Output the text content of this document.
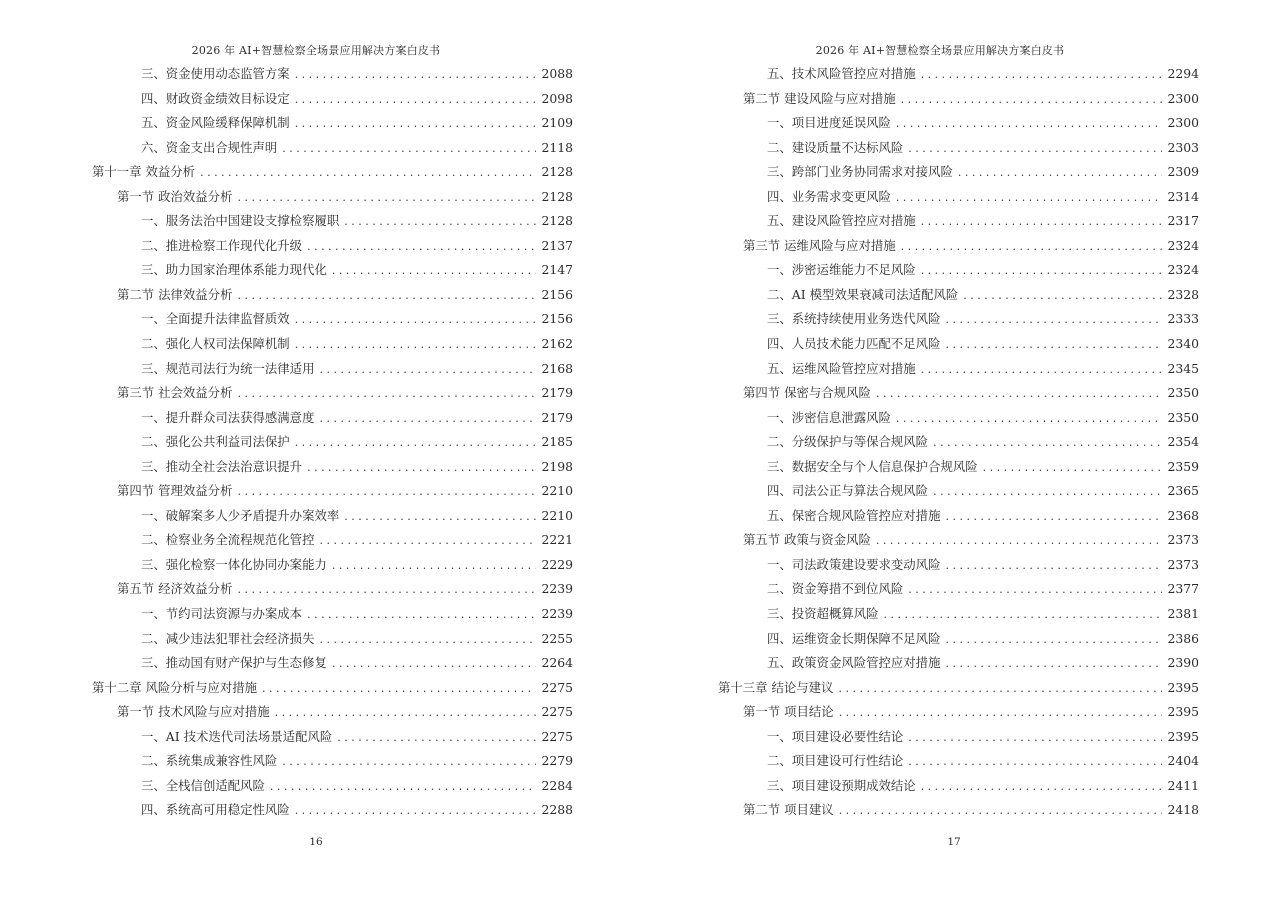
2026 年 AI+智慧检察全场景应用解决方案白皮书
三、资金使用动态监管方案 . . .	2088
四、财政资金绩效目标设定 . . .	2098
五、资金风险缓释保障机制 . . .	2109
六、资金支出合规性声明 . . .	2118
第十一章 效益分析 . . .	2128
第一节 政治效益分析 . . .	2128
一、服务法治中国建设支撑检察履职 . . .	2128
二、推进检察工作现代化升级 . . .	2137
三、助力国家治理体系能力现代化 . . .	2147
第二节 法律效益分析 . . .	2156
一、全面提升法律监督质效 . . .	2156
二、强化人权司法保障机制 . . .	2162
三、规范司法行为统一法律适用 . . .	2168
第三节 社会效益分析 . . .	2179
一、提升群众司法获得感满意度 . . .	2179
二、强化公共利益司法保护 . . .	2185
三、推动全社会法治意识提升 . . .	2198
第四节 管理效益分析 . . .	2210
一、破解案多人少矛盾提升办案效率 . . .	2210
二、检察业务全流程规范化管控 . . .	2221
三、强化检察一体化协同办案能力 . . .	2229
第五节 经济效益分析 . . .	2239
一、节约司法资源与办案成本 . . .	2239
二、减少违法犯罪社会经济损失 . . .	2255
三、推动国有财产保护与生态修复 . . .	2264
第十二章 风险分析与应对措施 . . .	2275
第一节 技术风险与应对措施 . . .	2275
一、AI 技术迭代司法场景适配风险 . . .	2275
二、系统集成兼容性风险 . . .	2279
三、全栈信创适配风险 . . .	2284
四、系统高可用稳定性风险 . . .	2288
16
2026 年 AI+智慧检察全场景应用解决方案白皮书
五、技术风险管控应对措施 . . .	2294
第二节 建设风险与应对措施 . . .	2300
一、项目进度延误风险 . . .	2300
二、建设质量不达标风险 . . .	2303
三、跨部门业务协同需求对接风险 . . .	2309
四、业务需求变更风险 . . .	2314
五、建设风险管控应对措施 . . .	2317
第三节 运维风险与应对措施 . . .	2324
一、涉密运维能力不足风险 . . .	2324
二、AI 模型效果衰减司法适配风险 . . .	2328
三、系统持续使用业务迭代风险 . . .	2333
四、人员技术能力匹配不足风险 . . .	2340
五、运维风险管控应对措施 . . .	2345
第四节 保密与合规风险 . . .	2350
一、涉密信息泄露风险 . . .	2350
二、分级保护与等保合规风险 . . .	2354
三、数据安全与个人信息保护合规风险 . . .	2359
四、司法公正与算法合规风险 . . .	2365
五、保密合规风险管控应对措施 . . .	2368
第五节 政策与资金风险 . . .	2373
一、司法政策建设要求变动风险 . . .	2373
二、资金筹措不到位风险 . . .	2377
三、投资超概算风险 . . .	2381
四、运维资金长期保障不足风险 . . .	2386
五、政策资金风险管控应对措施 . . .	2390
第十三章 结论与建议 . . .	2395
第一节 项目结论 . . .	2395
一、项目建设必要性结论 . . .	2395
二、项目建设可行性结论 . . .	2404
三、项目建设预期成效结论 . . .	2411
第二节 项目建议 . . .	2418
17
